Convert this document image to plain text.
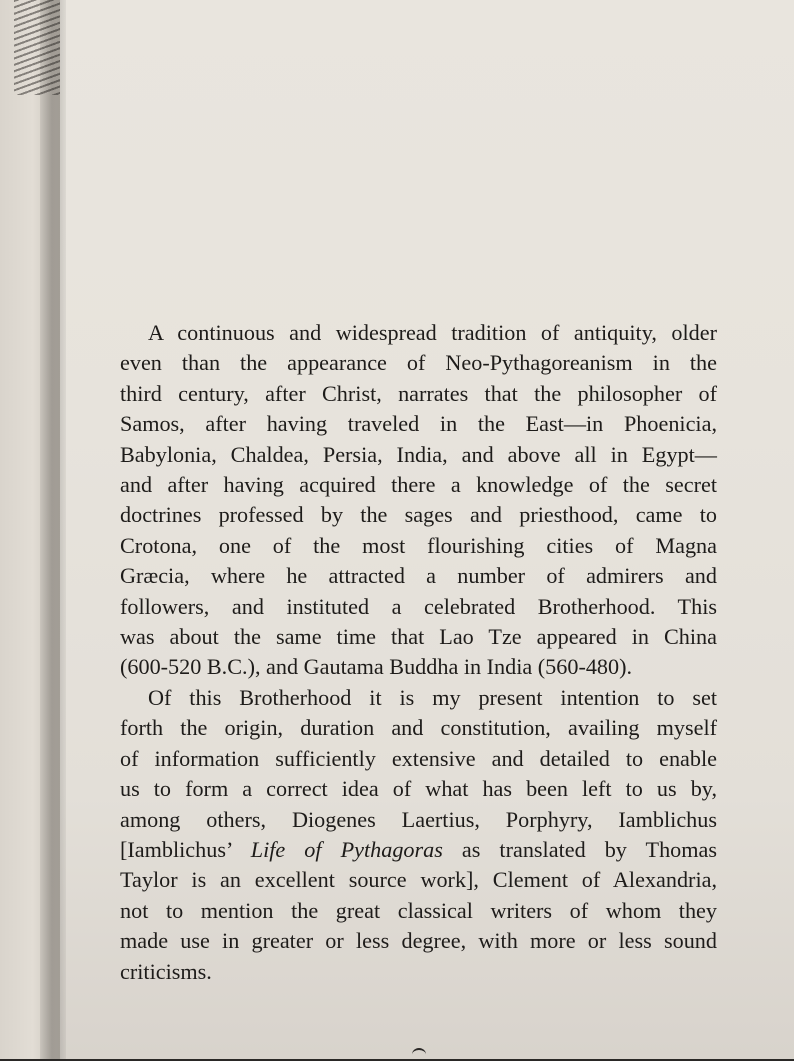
A continuous and widespread tradition of antiquity, older
even than the appearance of Neo-Pythagoreanism in the
third century, after Christ, narrates that the philosopher of
Samos, after having traveled in the East—in Phoenicia,
Babylonia, Chaldea, Persia, India, and above all in Egypt—
and after having acquired there a knowledge of the secret
doctrines professed by the sages and priesthood, came to
Crotona, one of the most flourishing cities of Magna
Græcia, where he attracted a number of admirers and
followers, and instituted a celebrated Brotherhood. This
was about the same time that Lao Tze appeared in China
(600-520 B.C.), and Gautama Buddha in India (560-480).
Of this Brotherhood it is my present intention to set
forth the origin, duration and constitution, availing myself
of information sufficiently extensive and detailed to enable
us to form a correct idea of what has been left to us by,
among others, Diogenes Laertius, Porphyry, Iamblichus
[Iamblichus’ Life of Pythagoras as translated by Thomas
Taylor is an excellent source work], Clement of Alexandria,
not to mention the great classical writers of whom they
made use in greater or less degree, with more or less sound
criticisms.
